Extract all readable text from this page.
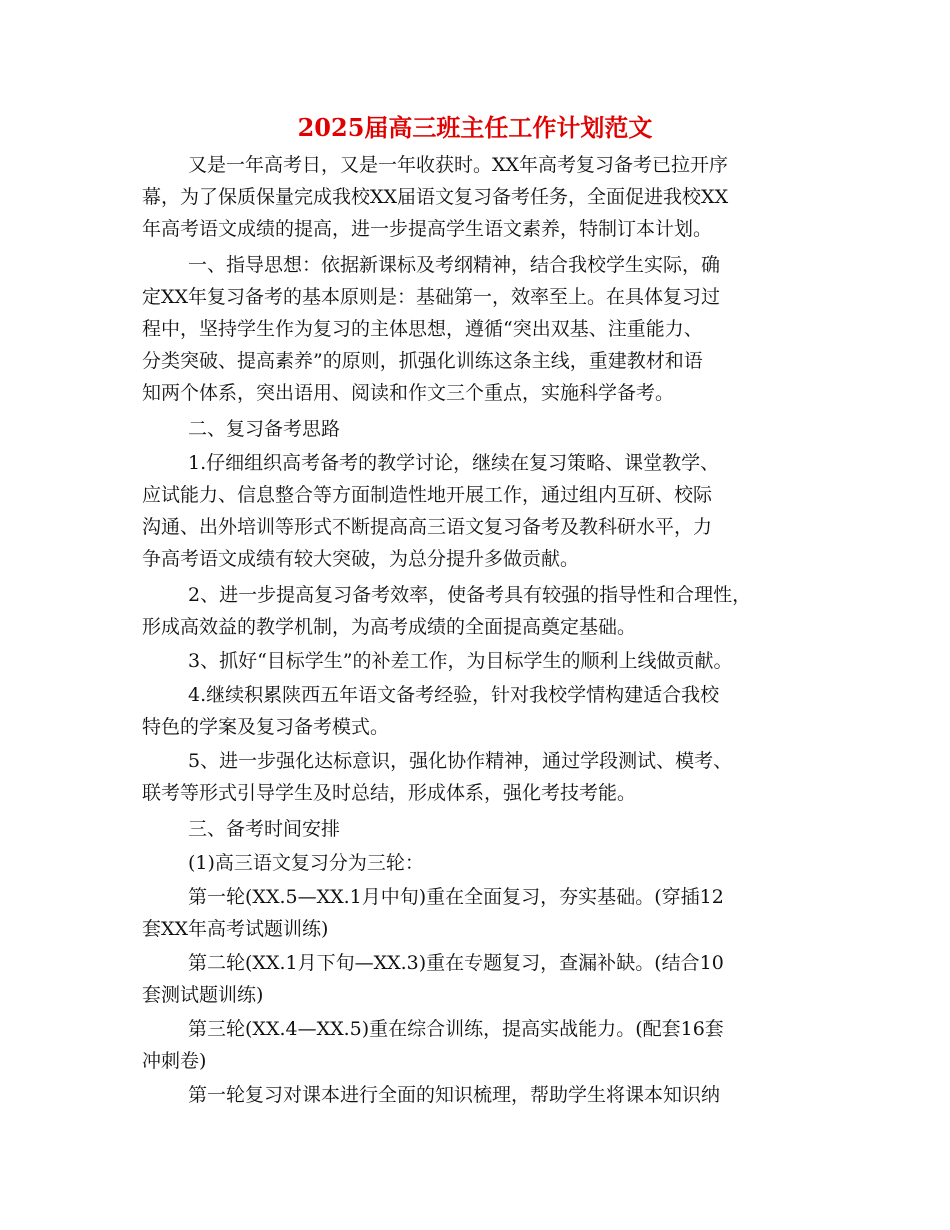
2025届高三班主任工作计划范文
又是一年高考日，又是一年收获时。XX年高考复习备考已拉开序
幕，为了保质保量完成我校XX届语文复习备考任务，全面促进我校XX
年高考语文成绩的提高，进一步提高学生语文素养，特制订本计划。
一、指导思想：依据新课标及考纲精神，结合我校学生实际，确
定XX年复习备考的基本原则是：基础第一，效率至上。在具体复习过
程中，坚持学生作为复习的主体思想，遵循“突出双基、注重能力、
分类突破、提高素养”的原则，抓强化训练这条主线，重建教材和语
知两个体系，突出语用、阅读和作文三个重点，实施科学备考。
二、复习备考思路
1.仔细组织高考备考的教学讨论，继续在复习策略、课堂教学、
应试能力、信息整合等方面制造性地开展工作，通过组内互研、校际
沟通、出外培训等形式不断提高高三语文复习备考及教科研水平，力
争高考语文成绩有较大突破，为总分提升多做贡献。
2、进一步提高复习备考效率，使备考具有较强的指导性和合理性，
形成高效益的教学机制，为高考成绩的全面提高奠定基础。
3、抓好“目标学生”的补差工作，为目标学生的顺利上线做贡献。
4.继续积累陕西五年语文备考经验，针对我校学情构建适合我校
特色的学案及复习备考模式。
5、进一步强化达标意识，强化协作精神，通过学段测试、模考、
联考等形式引导学生及时总结，形成体系，强化考技考能。
三、备考时间安排
(1)高三语文复习分为三轮：
第一轮(XX.5—XX.1月中旬)重在全面复习，夯实基础。(穿插12
套XX年高考试题训练)
第二轮(XX.1月下旬—XX.3)重在专题复习，查漏补缺。(结合10
套测试题训练)
第三轮(XX.4—XX.5)重在综合训练，提高实战能力。(配套16套
冲刺卷)
第一轮复习对课本进行全面的知识梳理，帮助学生将课本知识纳
